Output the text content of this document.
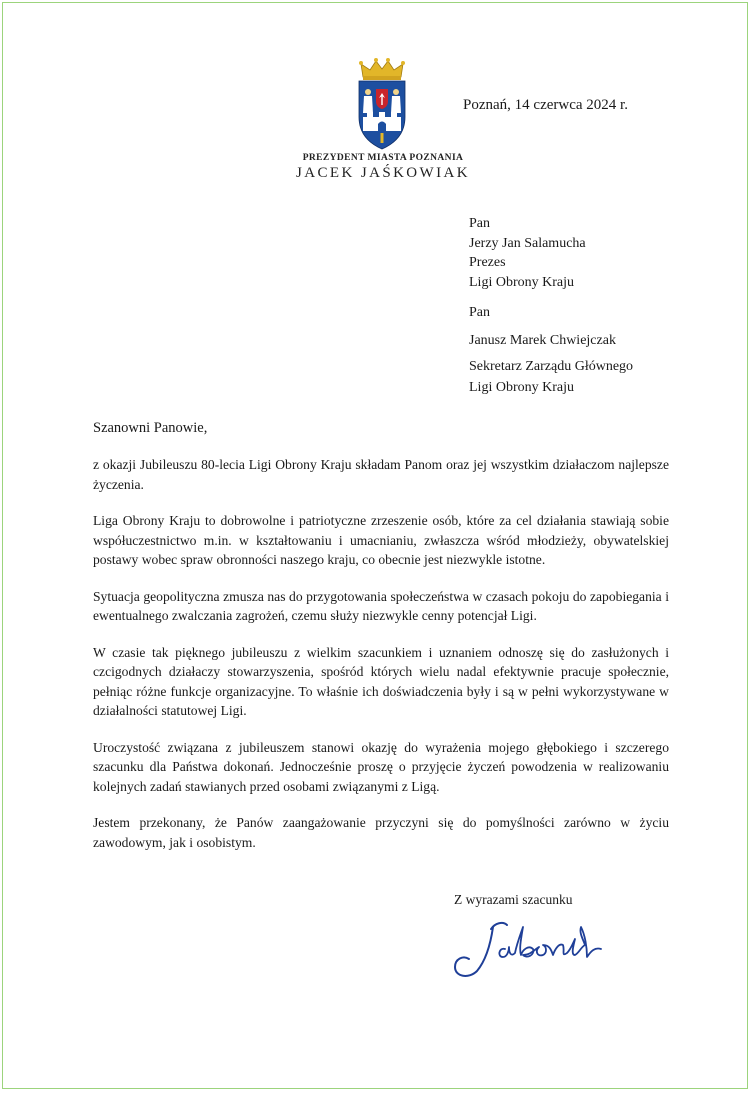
PREZYDENT MIASTA POZNANIA
JACEK JAŚKOWIAK
Poznań, 14 czerwca 2024 r.
Pan
Jerzy Jan Salamucha
Prezes
Ligi Obrony Kraju
Pan
Janusz Marek Chwiejczak
Sekretarz Zarządu Głównego
Ligi Obrony Kraju
Szanowni Panowie,

z okazji Jubileuszu 80-lecia Ligi Obrony Kraju składam Panom oraz jej wszystkim działaczom najlepsze życzenia.

Liga Obrony Kraju to dobrowolne i patriotyczne zrzeszenie osób, które za cel działania stawiają sobie współuczestnictwo m.in. w kształtowaniu i umacnianiu, zwłaszcza wśród młodzieży, obywatelskiej postawy wobec spraw obronności naszego kraju, co obecnie jest niezwykle istotne.

Sytuacja geopolityczna zmusza nas do przygotowania społeczeństwa w czasach pokoju do zapobiegania i ewentualnego zwalczania zagrożeń, czemu służy niezwykle cenny potencjał Ligi.

W czasie tak pięknego jubileuszu z wielkim szacunkiem i uznaniem odnoszę się do zasłużonych i czcigodnych działaczy stowarzyszenia, spośród których wielu nadal efektywnie pracuje społecznie, pełniąc różne funkcje organizacyjne. To właśnie ich doświadczenia były i są w pełni wykorzystywane w działalności statutowej Ligi.

Uroczystość związana z jubileuszem stanowi okazję do wyrażenia mojego głębokiego i szczerego szacunku dla Państwa dokonań. Jednocześnie proszę o przyjęcie życzeń powodzenia w realizowaniu kolejnych zadań stawianych przed osobami związanymi z Ligą.

Jestem przekonany, że Panów zaangażowanie przyczyni się do pomyślności zarówno w życiu zawodowym, jak i osobistym.

Z wyrazami szacunku
